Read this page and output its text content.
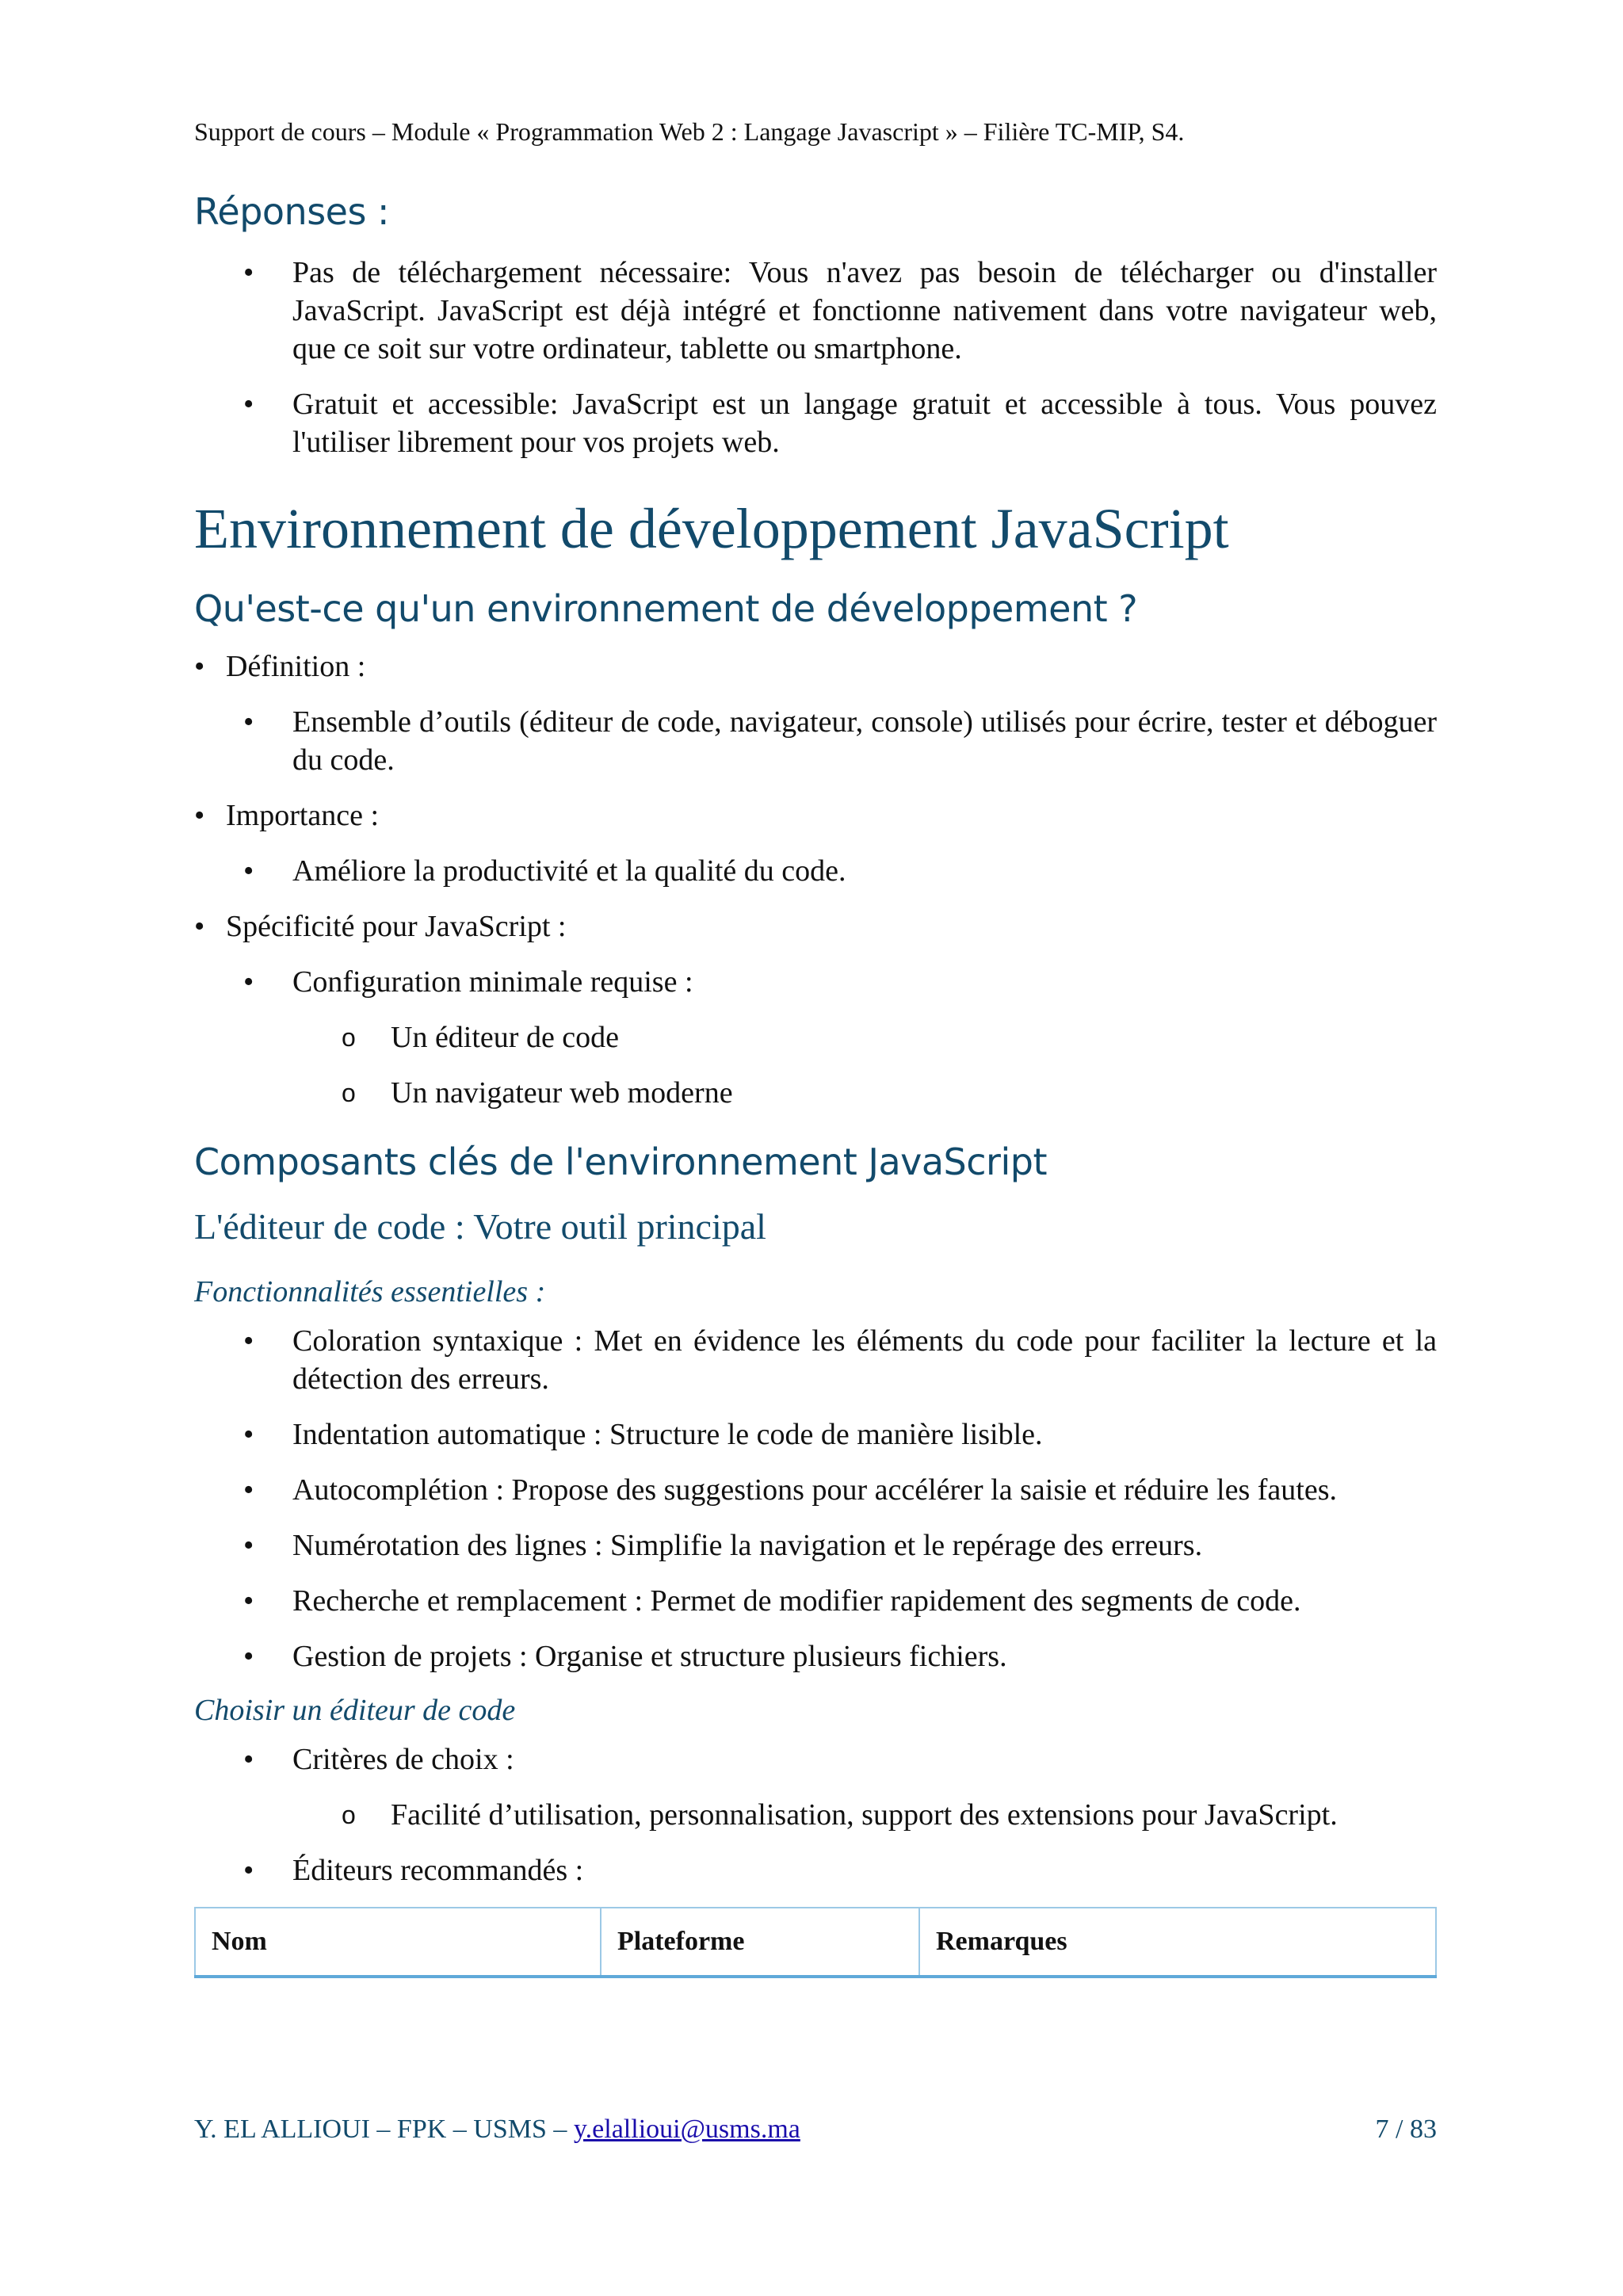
Support de cours – Module « Programmation Web 2 : Langage Javascript » – Filière TC-MIP, S4.
Réponses :
• Pas de téléchargement nécessaire: Vous n'avez pas besoin de télécharger ou d'installer JavaScript. JavaScript est déjà intégré et fonctionne nativement dans votre navigateur web, que ce soit sur votre ordinateur, tablette ou smartphone.
• Gratuit et accessible: JavaScript est un langage gratuit et accessible à tous. Vous pouvez l'utiliser librement pour vos projets web.
Environnement de développement JavaScript
Qu'est-ce qu'un environnement de développement ?
• Définition :
• Ensemble d’outils (éditeur de code, navigateur, console) utilisés pour écrire, tester et déboguer du code.
• Importance :
• Améliore la productivité et la qualité du code.
• Spécificité pour JavaScript :
• Configuration minimale requise :
o Un éditeur de code
o Un navigateur web moderne
Composants clés de l'environnement JavaScript
L'éditeur de code : Votre outil principal
Fonctionnalités essentielles :
• Coloration syntaxique : Met en évidence les éléments du code pour faciliter la lecture et la détection des erreurs.
• Indentation automatique : Structure le code de manière lisible.
• Autocomplétion : Propose des suggestions pour accélérer la saisie et réduire les fautes.
• Numérotation des lignes : Simplifie la navigation et le repérage des erreurs.
• Recherche et remplacement : Permet de modifier rapidement des segments de code.
• Gestion de projets : Organise et structure plusieurs fichiers.
Choisir un éditeur de code
• Critères de choix :
o Facilité d’utilisation, personnalisation, support des extensions pour JavaScript.
• Éditeurs recommandés :
Nom	Plateforme	Remarques
Y. EL ALLIOUI – FPK – USMS – y.elallioui@usms.ma	7 / 83
